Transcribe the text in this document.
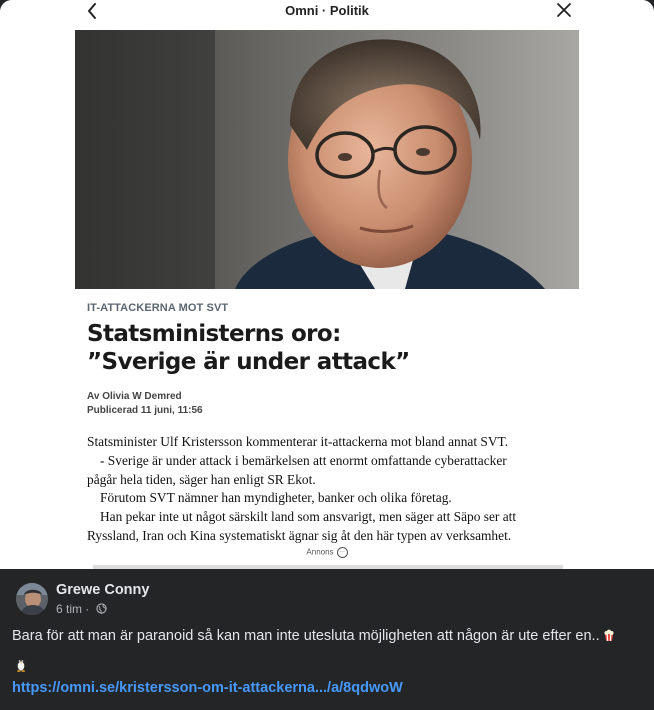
Omni · Politik
IT-ATTACKERNA MOT SVT
Statsministerns oro:
”Sverige är under attack”
Av Olivia W Demred
Publicerad 11 juni, 11:56

Statsminister Ulf Kristersson kommenterar it-attackerna mot bland annat SVT.

- Sverige är under attack i bemärkelsen att enormt omfattande cyberattacker

pågår hela tiden, säger han enligt SR Ekot.

Förutom SVT nämner han myndigheter, banker och olika företag.

Han pekar inte ut något särskilt land som ansvarigt, men säger att Säpo ser att

Ryssland, Iran och Kina systematiskt ägnar sig åt den här typen av verksamhet.

Annons ···
Grewe Conny
6 tim ·
Bara för att man är paranoid så kan man inte utesluta möjligheten att någon är ute efter en..
https://omni.se/kristersson-om-it-attackerna.../a/8qdwoW
